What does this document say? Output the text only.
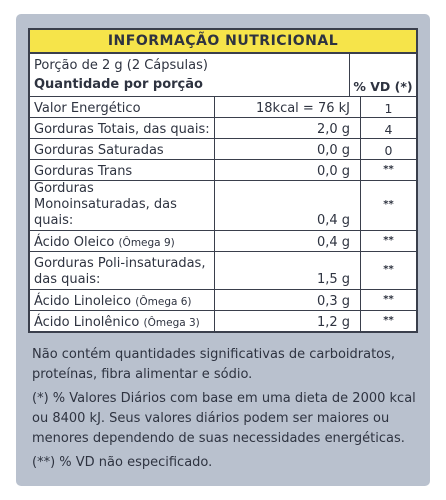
INFORMAÇÃO NUTRICIONAL
Porção de 2 g (2 Cápsulas)
Quantidade por porção	% VD (*)
Valor Energético	18kcal = 76 kJ	1
Gorduras Totais, das quais:	2,0 g	4
Gorduras Saturadas	0,0 g	0
Gorduras Trans	0,0 g	**
Gorduras Monoinsaturadas, das quais:	0,4 g	**
Ácido Oleico (Ômega 9)	0,4 g	**
Gorduras Poli-insaturadas, das quais:	1,5 g	**
Ácido Linoleico (Ômega 6)	0,3 g	**
Ácido Linolênico (Ômega 3)	1,2 g	**

Não contém quantidades significativas de carboidratos, proteínas, fibra alimentar e sódio.

(*) % Valores Diários com base em uma dieta de 2000 kcal ou 8400 kJ. Seus valores diários podem ser maiores ou menores dependendo de suas necessidades energéticas.

(**) % VD não especificado.
